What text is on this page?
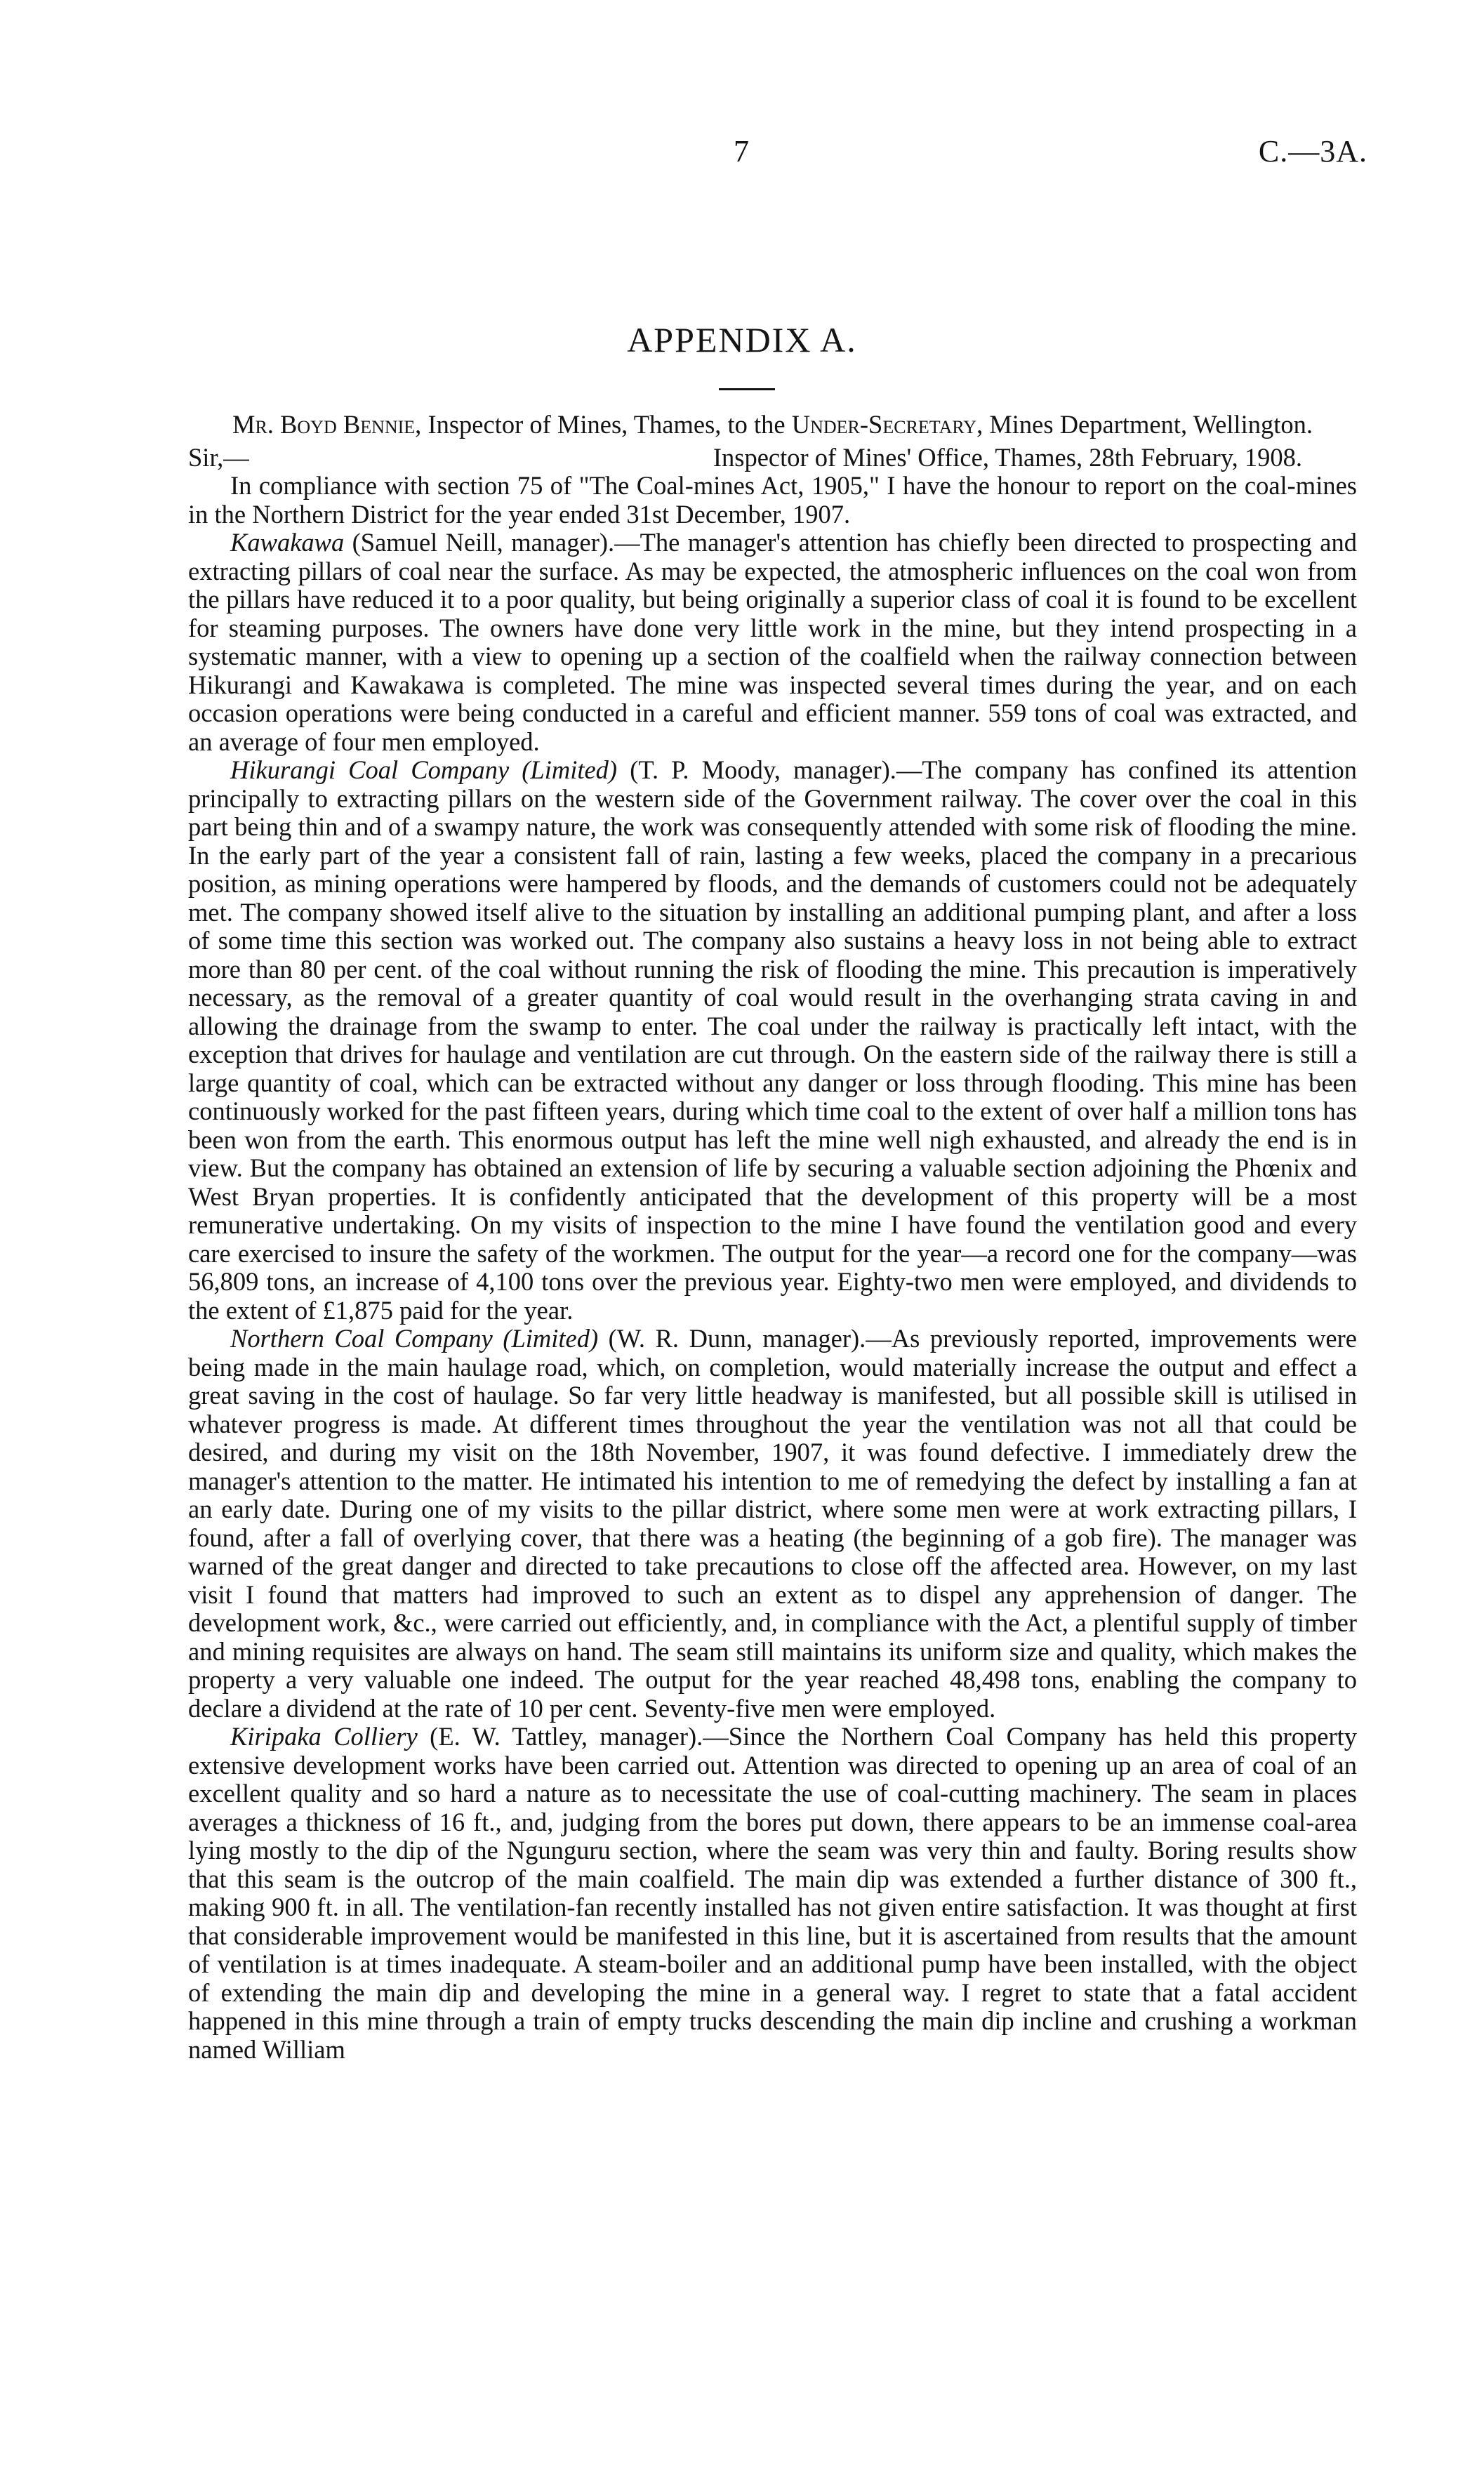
7	C.—3A.
APPENDIX A.
Mr. Boyd Bennie, Inspector of Mines, Thames, to the Under-Secretary, Mines Department, Wellington.
Sir,—	Inspector of Mines' Office, Thames, 28th February, 1908.

In compliance with section 75 of "The Coal-mines Act, 1905," I have the honour to report on the coal-mines in the Northern District for the year ended 31st December, 1907.

Kawakawa (Samuel Neill, manager).—The manager's attention has chiefly been directed to prospecting and extracting pillars of coal near the surface. As may be expected, the atmospheric influences on the coal won from the pillars have reduced it to a poor quality, but being originally a superior class of coal it is found to be excellent for steaming purposes. The owners have done very little work in the mine, but they intend prospecting in a systematic manner, with a view to opening up a section of the coalfield when the railway connection between Hikurangi and Kawakawa is completed. The mine was inspected several times during the year, and on each occasion operations were being conducted in a careful and efficient manner. 559 tons of coal was extracted, and an average of four men employed.

Hikurangi Coal Company (Limited) (T. P. Moody, manager).—The company has confined its attention principally to extracting pillars on the western side of the Government railway. The cover over the coal in this part being thin and of a swampy nature, the work was consequently attended with some risk of flooding the mine. In the early part of the year a consistent fall of rain, lasting a few weeks, placed the company in a precarious position, as mining operations were hampered by floods, and the demands of customers could not be adequately met. The company showed itself alive to the situation by installing an additional pumping plant, and after a loss of some time this section was worked out. The company also sustains a heavy loss in not being able to extract more than 80 per cent. of the coal without running the risk of flooding the mine. This precaution is imperatively necessary, as the removal of a greater quantity of coal would result in the overhanging strata caving in and allowing the drainage from the swamp to enter. The coal under the railway is practically left intact, with the exception that drives for haulage and ventilation are cut through. On the eastern side of the railway there is still a large quantity of coal, which can be extracted without any danger or loss through flooding. This mine has been continuously worked for the past fifteen years, during which time coal to the extent of over half a million tons has been won from the earth. This enormous output has left the mine well nigh exhausted, and already the end is in view. But the company has obtained an extension of life by securing a valuable section adjoining the Phœnix and West Bryan properties. It is confidently anticipated that the development of this property will be a most remunerative undertaking. On my visits of inspection to the mine I have found the ventilation good and every care exercised to insure the safety of the workmen. The output for the year—a record one for the company—was 56,809 tons, an increase of 4,100 tons over the previous year. Eighty-two men were employed, and dividends to the extent of £1,875 paid for the year.

Northern Coal Company (Limited) (W. R. Dunn, manager).—As previously reported, improvements were being made in the main haulage road, which, on completion, would materially increase the output and effect a great saving in the cost of haulage. So far very little headway is manifested, but all possible skill is utilised in whatever progress is made. At different times throughout the year the ventilation was not all that could be desired, and during my visit on the 18th November, 1907, it was found defective. I immediately drew the manager's attention to the matter. He intimated his intention to me of remedying the defect by installing a fan at an early date. During one of my visits to the pillar district, where some men were at work extracting pillars, I found, after a fall of overlying cover, that there was a heating (the beginning of a gob fire). The manager was warned of the great danger and directed to take precautions to close off the affected area. However, on my last visit I found that matters had improved to such an extent as to dispel any apprehension of danger. The development work, &c., were carried out efficiently, and, in compliance with the Act, a plentiful supply of timber and mining requisites are always on hand. The seam still maintains its uniform size and quality, which makes the property a very valuable one indeed. The output for the year reached 48,498 tons, enabling the company to declare a dividend at the rate of 10 per cent. Seventy-five men were employed.

Kiripaka Colliery (E. W. Tattley, manager).—Since the Northern Coal Company has held this property extensive development works have been carried out. Attention was directed to opening up an area of coal of an excellent quality and so hard a nature as to necessitate the use of coal-cutting machinery. The seam in places averages a thickness of 16 ft., and, judging from the bores put down, there appears to be an immense coal-area lying mostly to the dip of the Ngunguru section, where the seam was very thin and faulty. Boring results show that this seam is the outcrop of the main coalfield. The main dip was extended a further distance of 300 ft., making 900 ft. in all. The ventilation-fan recently installed has not given entire satisfaction. It was thought at first that considerable improvement would be manifested in this line, but it is ascertained from results that the amount of ventilation is at times inadequate. A steam-boiler and an additional pump have been installed, with the object of extending the main dip and developing the mine in a general way. I regret to state that a fatal accident happened in this mine through a train of empty trucks descending the main dip incline and crushing a workman named William
